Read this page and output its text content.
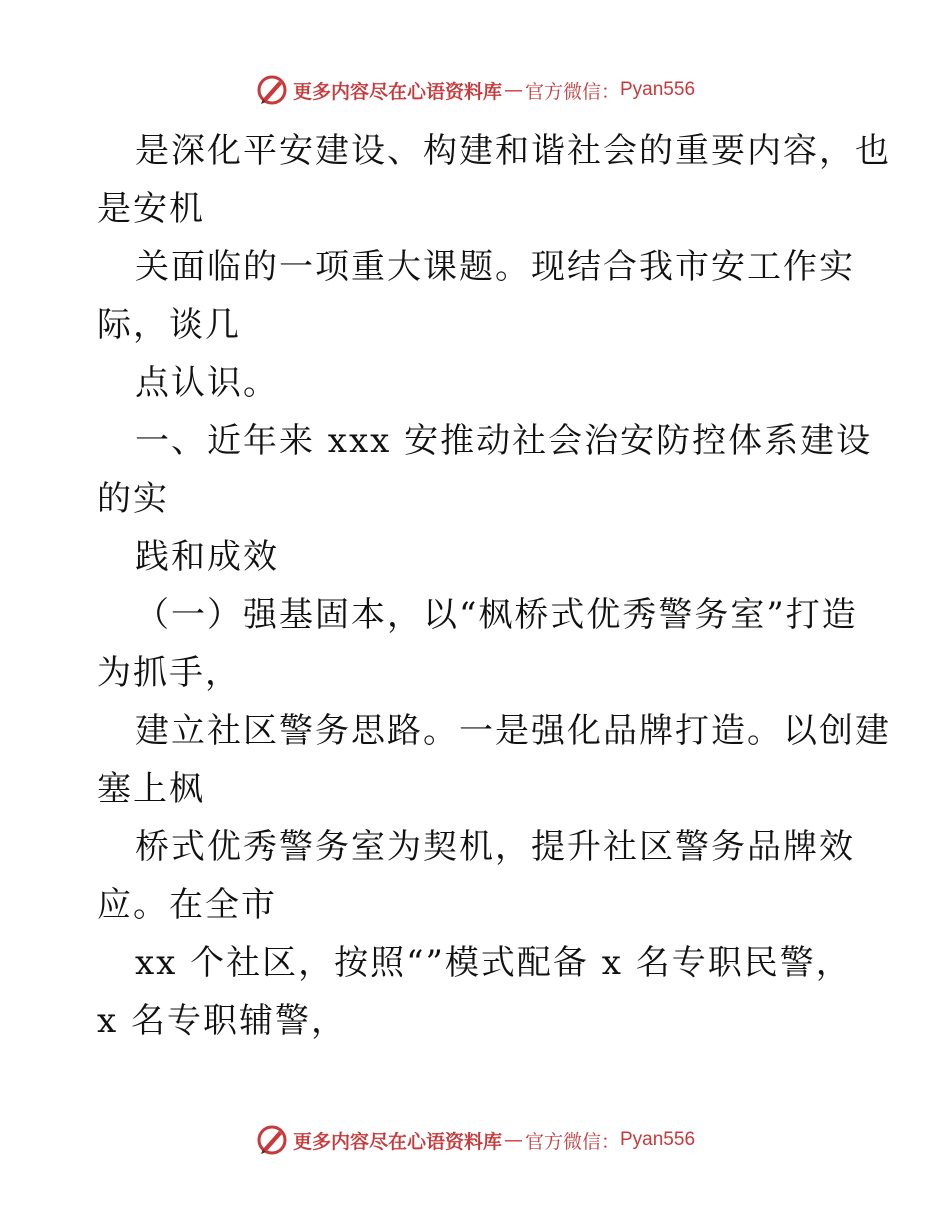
更多内容尽在心语资料库 — 官方微信： Pyan556
是深化平安建设、构建和谐社会的重要内容，也
是安机
关面临的一项重大课题。现结合我市安工作实
际，谈几
点认识。
一、近年来 xxx 安推动社会治安防控体系建设
的实
践和成效
（一）强基固本，以“枫桥式优秀警务室”打造
为抓手，
建立社区警务思路。一是强化品牌打造。以创建
塞上枫
桥式优秀警务室为契机，提升社区警务品牌效
应。在全市
xx 个社区，按照“”模式配备 x 名专职民警，
x 名专职辅警，
更多内容尽在心语资料库 — 官方微信： Pyan556
